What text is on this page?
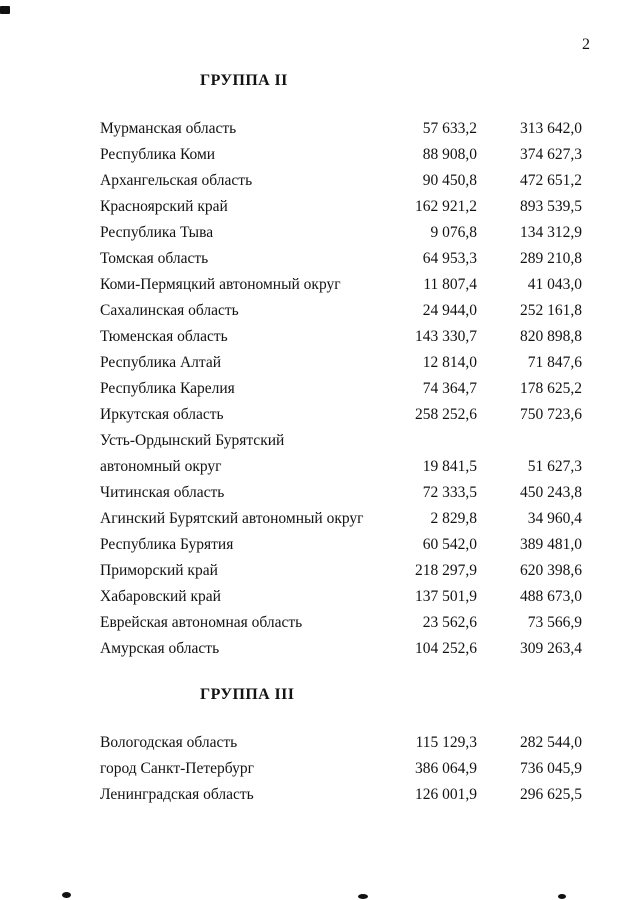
2
ГРУППА II
Мурманская область	57 633,2	313 642,0
Республика Коми	88 908,0	374 627,3
Архангельская область	90 450,8	472 651,2
Красноярский край	162 921,2	893 539,5
Республика Тыва	9 076,8	134 312,9
Томская область	64 953,3	289 210,8
Коми-Пермяцкий автономный округ	11 807,4	41 043,0
Сахалинская область	24 944,0	252 161,8
Тюменская область	143 330,7	820 898,8
Республика Алтай	12 814,0	71 847,6
Республика Карелия	74 364,7	178 625,2
Иркутская область	258 252,6	750 723,6
Усть-Ордынский Бурятский
автономный округ	19 841,5	51 627,3
Читинская область	72 333,5	450 243,8
Агинский Бурятский автономный округ	2 829,8	34 960,4
Республика Бурятия	60 542,0	389 481,0
Приморский край	218 297,9	620 398,6
Хабаровский край	137 501,9	488 673,0
Еврейская автономная область	23 562,6	73 566,9
Амурская область	104 252,6	309 263,4
ГРУППА III
Вологодская область	115 129,3	282 544,0
город Санкт-Петербург	386 064,9	736 045,9
Ленинградская область	126 001,9	296 625,5
